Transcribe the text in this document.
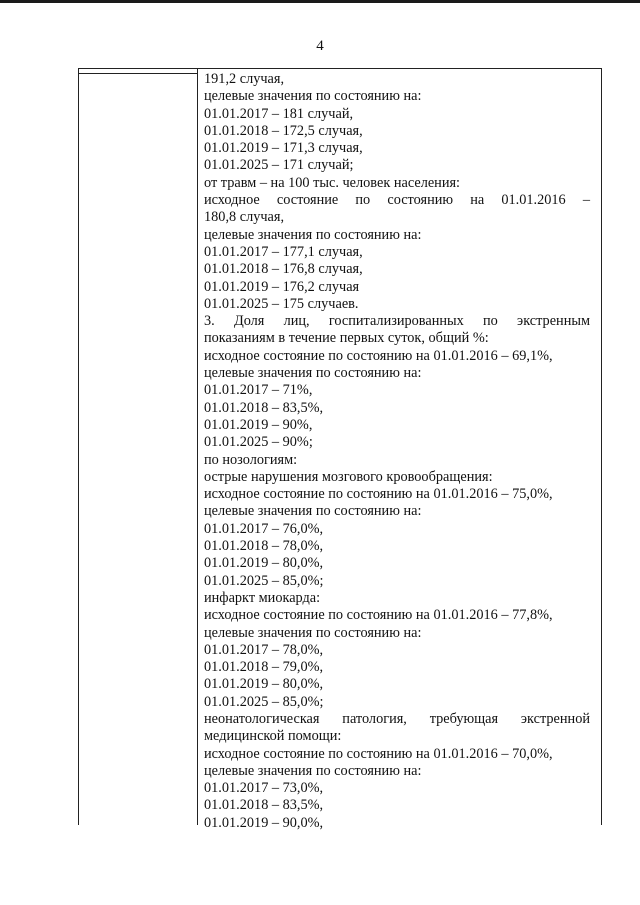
4
191,2 случая,
целевые значения по состоянию на:
01.01.2017 – 181 случай,
01.01.2018 – 172,5 случая,
01.01.2019 – 171,3 случая,
01.01.2025 – 171 случай;
от травм – на 100 тыс. человек населения:
исходное состояние по состоянию на 01.01.2016 –
180,8 случая,
целевые значения по состоянию на:
01.01.2017 – 177,1 случая,
01.01.2018 – 176,8 случая,
01.01.2019 – 176,2 случая
01.01.2025 – 175 случаев.
3. Доля лиц, госпитализированных по экстренным
показаниям в течение первых суток, общий %:
исходное состояние по состоянию на 01.01.2016 – 69,1%,
целевые значения по состоянию на:
01.01.2017 – 71%,
01.01.2018 – 83,5%,
01.01.2019 – 90%,
01.01.2025 – 90%;
по нозологиям:
острые нарушения мозгового кровообращения:
исходное состояние по состоянию на 01.01.2016 – 75,0%,
целевые значения по состоянию на:
01.01.2017 – 76,0%,
01.01.2018 – 78,0%,
01.01.2019 – 80,0%,
01.01.2025 – 85,0%;
инфаркт миокарда:
исходное состояние по состоянию на 01.01.2016 – 77,8%,
целевые значения по состоянию на:
01.01.2017 – 78,0%,
01.01.2018 – 79,0%,
01.01.2019 – 80,0%,
01.01.2025 – 85,0%;
неонатологическая патология, требующая экстренной
медицинской помощи:
исходное состояние по состоянию на 01.01.2016 – 70,0%,
целевые значения по состоянию на:
01.01.2017 – 73,0%,
01.01.2018 – 83,5%,
01.01.2019 – 90,0%,
